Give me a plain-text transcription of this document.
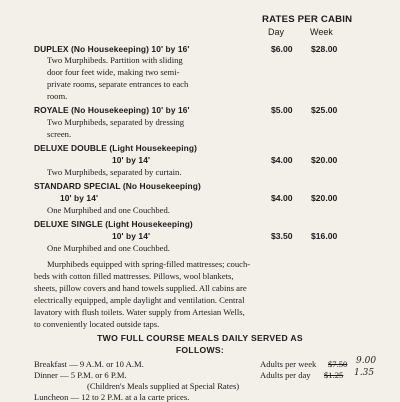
RATES PER CABIN
Day	Week
DUPLEX (No Housekeeping) 10' by 16'	$6.00 $28.00
Two Murphibeds. Partition with sliding
door four feet wide, making two semi-
private rooms, separate entrances to each
room.
ROYALE (No Housekeeping) 10' by 16'	$5.00 $25.00
Two Murphibeds, separated by dressing
screen.
DELUXE DOUBLE (Light Housekeeping)
10' by 14'	$4.00 $20.00
Two Murphibeds, separated by curtain.
STANDARD SPECIAL (No Housekeeping)
10' by 14'	$4.00 $20.00
One Murphibed and one Couchbed.
DELUXE SINGLE (Light Housekeeping)
10' by 14'	$3.50 $16.00
One Murphibed and one Couchbed.
Murphibeds equipped with spring-filled mattresses; couch-
beds with cotton filled mattresses. Pillows, wool blankets,
sheets, pillow covers and hand towels supplied. All cabins are
electrically equipped, ample daylight and ventilation. Central
lavatory with flush toilets. Water supply from Artesian Wells,
to conveniently located outside taps.
TWO FULL COURSE MEALS DAILY SERVED AS
FOLLOWS:
Breakfast — 9 A.M. or 10 A.M.	Adults per week $7.50 9.00
Dinner — 5 P.M. or 6 P.M.	Adults per day $1.25 1.35
(Children's Meals supplied at Special Rates)
Luncheon — 12 to 2 P.M. at a la carte prices.
